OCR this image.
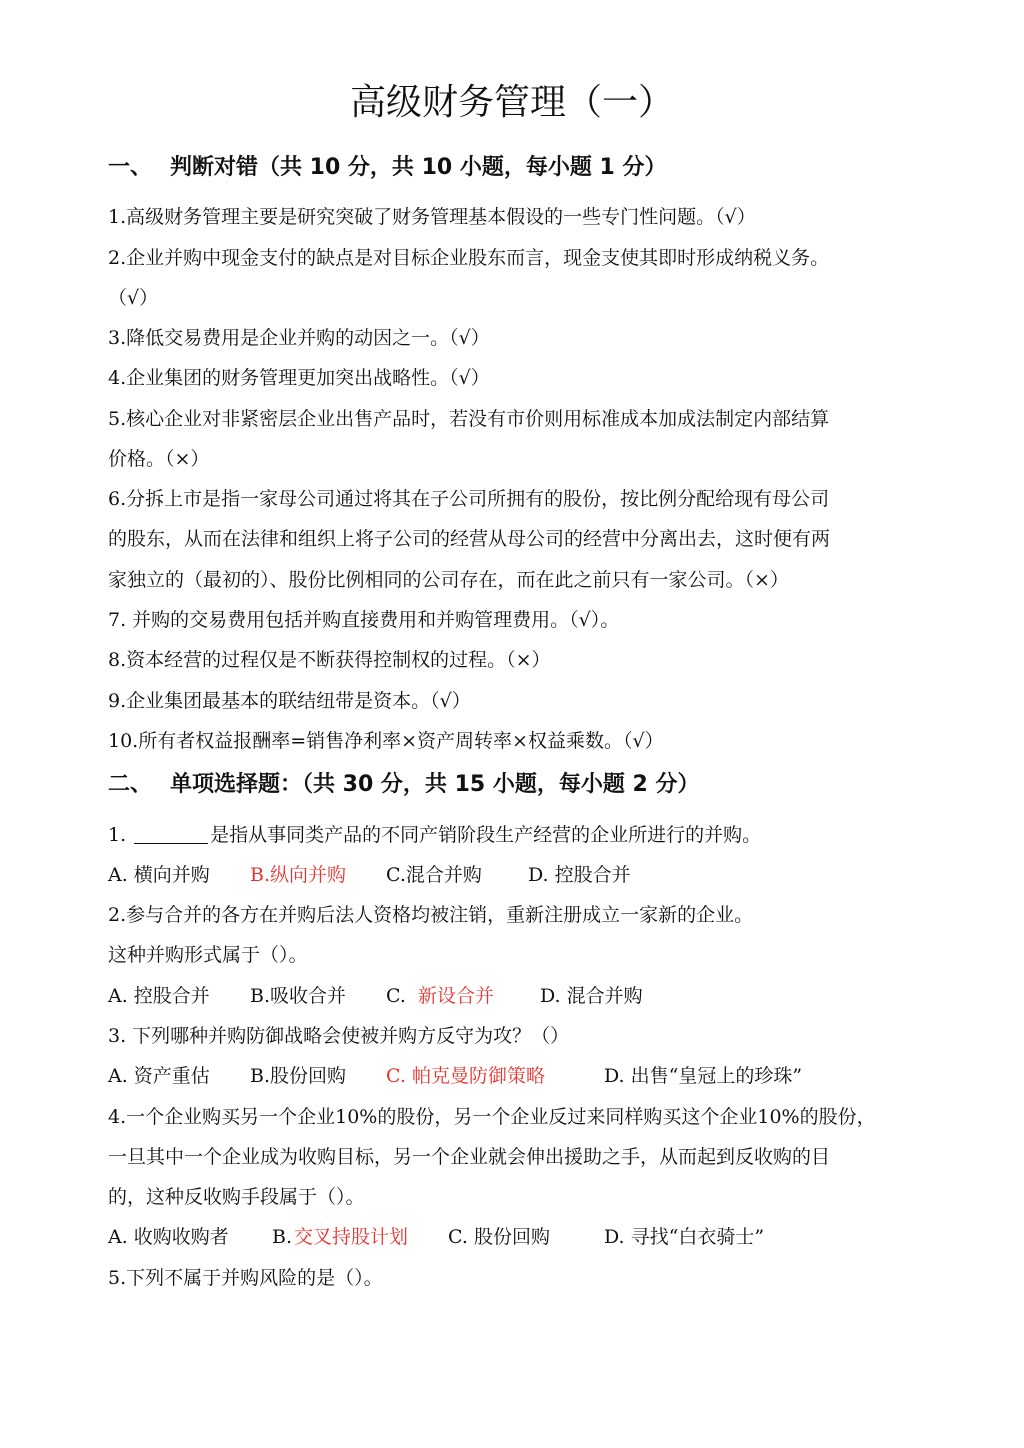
高级财务管理（一）
一、 判断对错（共 10 分，共 10 小题，每小题 1 分）
1.高级财务管理主要是研究突破了财务管理基本假设的一些专门性问题。（√）
2.企业并购中现金支付的缺点是对目标企业股东而言，现金支使其即时形成纳税义务。
（√）
3.降低交易费用是企业并购的动因之一。（√）
4.企业集团的财务管理更加突出战略性。（√）
5.核心企业对非紧密层企业出售产品时，若没有市价则用标准成本加成法制定内部结算
价格。（×）
6.分拆上市是指一家母公司通过将其在子公司所拥有的股份，按比例分配给现有母公司
的股东，从而在法律和组织上将子公司的经营从母公司的经营中分离出去，这时便有两
家独立的（最初的）、股份比例相同的公司存在，而在此之前只有一家公司。（×）
7. 并购的交易费用包括并购直接费用和并购管理费用。（√）。
8.资本经营的过程仅是不断获得控制权的过程。（×）
9.企业集团最基本的联结纽带是资本。（√）
10.所有者权益报酬率=销售净利率×资产周转率×权益乘数。（√）
二、 单项选择题：（共 30 分，共 15 小题，每小题 2 分）
1.	是指从事同类产品的不同产销阶段生产经营的企业所进行的并购。
A. 横向并购 B.纵向并购 C.混合并购 D. 控股合并
2.参与合并的各方在并购后法人资格均被注销，重新注册成立一家新的企业。
这种并购形式属于（）。
A. 控股合并 B.吸收合并 C. 新设合并 D. 混合并购
3. 下列哪种并购防御战略会使被并购方反守为攻？（）
A. 资产重估 B.股份回购 C. 帕克曼防御策略	D. 出售“皇冠上的珍珠”
4.一个企业购买另一个企业10%的股份，另一个企业反过来同样购买这个企业10%的股份，
一旦其中一个企业成为收购目标，另一个企业就会伸出援助之手，从而起到反收购的目
的，这种反收购手段属于（）。
A. 收购收购者 B. 交叉持股计划 C. 股份回购	D. 寻找“白衣骑士”
5.下列不属于并购风险的是（）。
